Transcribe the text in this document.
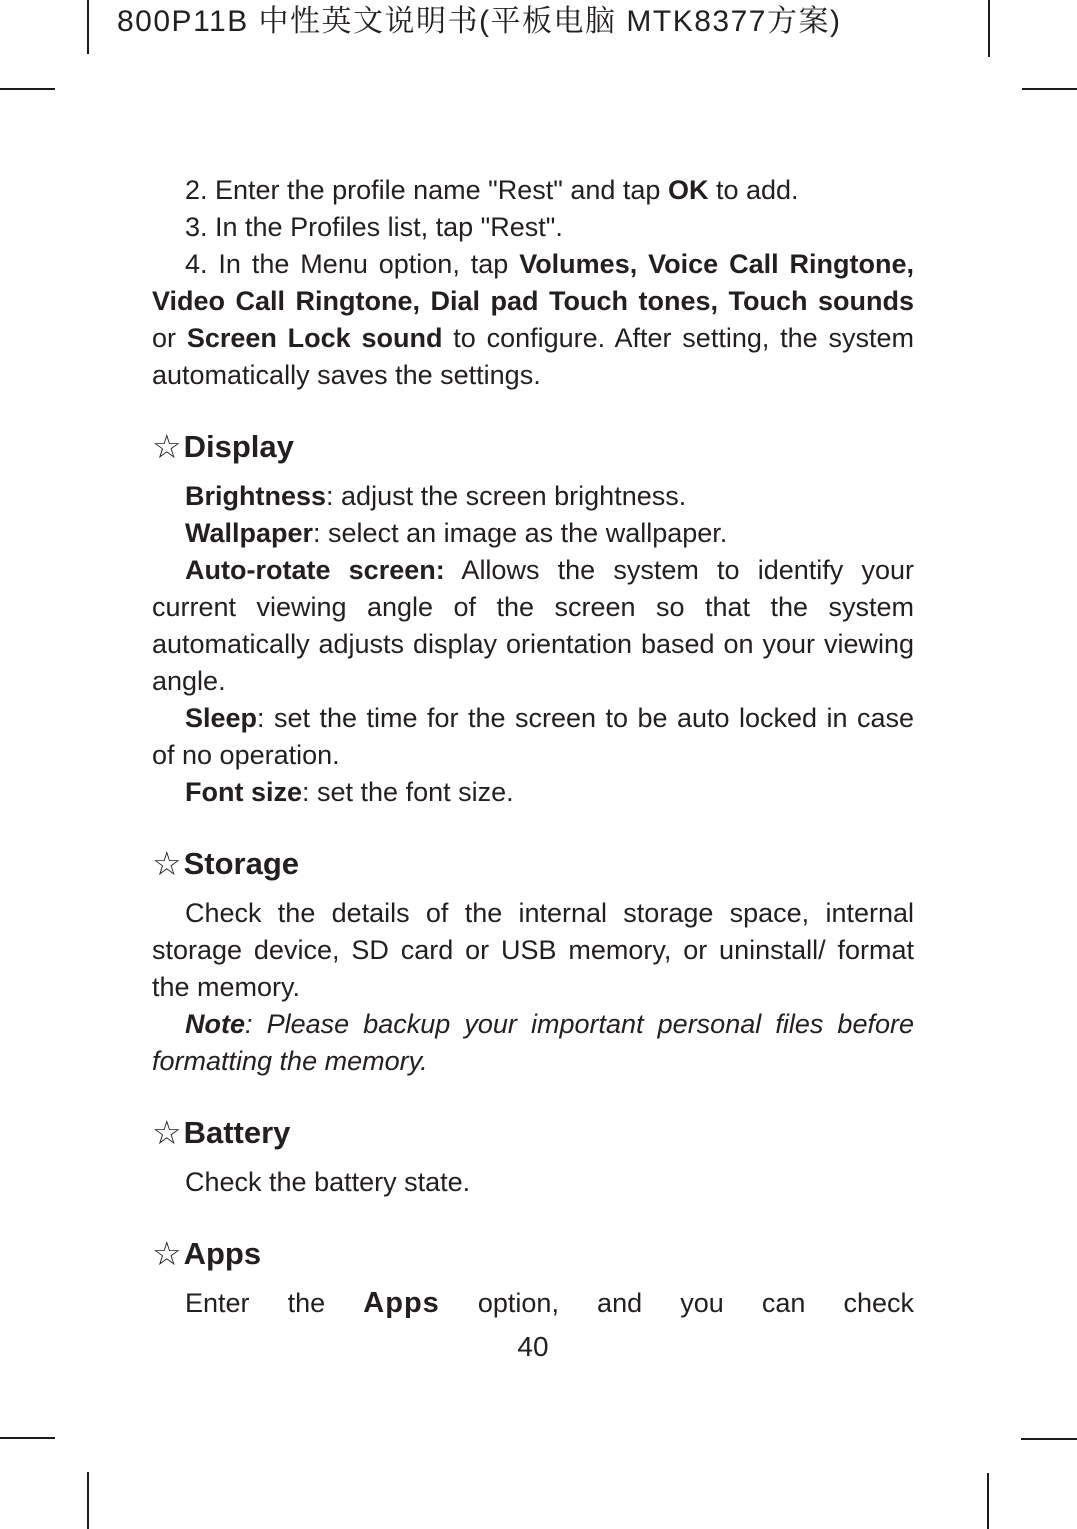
800P11B 中性英文说明书(平板电脑 MTK8377方案)

2. Enter the profile name "Rest" and tap OK to add.

3. In the Profiles list, tap "Rest".

4. In the Menu option, tap Volumes, Voice Call Ringtone, Video Call Ringtone, Dial pad Touch tones, Touch sounds or Screen Lock sound to configure. After setting, the system automatically saves the settings.

☆ Display

Brightness: adjust the screen brightness.

Wallpaper: select an image as the wallpaper.

Auto-rotate screen: Allows the system to identify your current viewing angle of the screen so that the system automatically adjusts display orientation based on your viewing angle.

Sleep: set the time for the screen to be auto locked in case of no operation.

Font size: set the font size.

☆ Storage

Check the details of the internal storage space, internal storage device, SD card or USB memory, or uninstall/ format the memory.

Note: Please backup your important personal files before formatting the memory.

☆ Battery

Check the battery state.

☆ Apps

Enter the Apps option, and you can check

40
